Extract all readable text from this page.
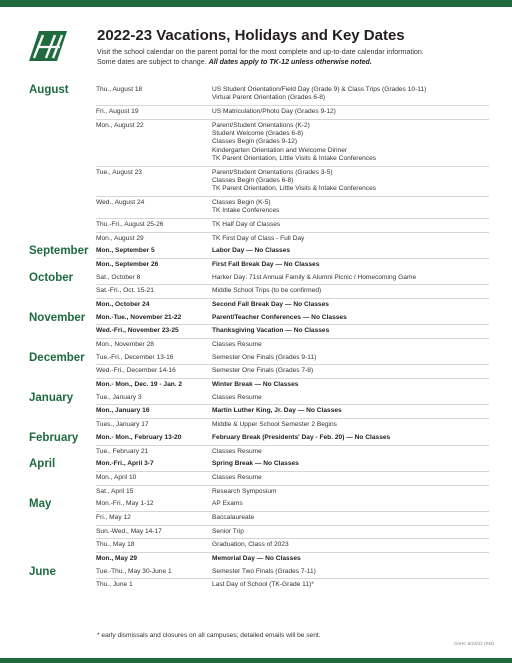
2022-23 Vacations, Holidays and Key Dates
Visit the school calendar on the parent portal for the most complete and up-to-date calendar information.
Some dates are subject to change. All dates apply to TK-12 unless otherwise noted.
August	Thu., August 18	US Student Orientation/Field Day (Grade 9) & Class Trips (Grades 10-11)
Virtual Parent Orientation (Grades 6-8)
Fri., August 19	US Matriculation/Photo Day (Grades 9-12)
Mon., August 22	Parent/Student Orientations (K-2)
Student Welcome (Grades 6-8)
Classes Begin (Grades 9-12)
Kindergarten Orientation and Welcome Dinner
TK Parent Orientation, Little Visits & Intake Conferences
Tue., August 23	Parent/Student Orientations (Grades 3-5)
Classes Begin (Grades 6-8)
TK Parent Orientation, Little Visits & Intake Conferences
Wed., August 24	Classes Begin (K-5)
TK Intake Conferences
Thu.-Fri., August 25-26	TK Half Day of Classes
Mon., August 29	TK First Day of Class - Full Day
September	Mon., September 5	Labor Day — No Classes
Mon., September 26	First Fall Break Day — No Classes
October	Sat., October 8	Harker Day: 71st Annual Family & Alumni Picnic / Homecoming Game
Sat.-Fri., Oct. 15-21	Middle School Trips (to be confirmed)
Mon., October 24	Second Fall Break Day — No Classes
November	Mon.-Tue., November 21-22	Parent/Teacher Conferences — No Classes
Wed.-Fri., November 23-25	Thanksgiving Vacation — No Classes
Mon., November 28	Classes Resume
December	Tue.-Fri., December 13-16	Semester One Finals (Grades 9-11)
Wed.-Fri., December 14-16	Semester One Finals (Grades 7-8)
Mon.- Mon., Dec. 19 - Jan. 2	Winter Break — No Classes
January	Tue., January 3	Classes Resume
Mon., January 16	Martin Luther King, Jr. Day — No Classes
Tues., January 17	Middle & Upper School Semester 2 Begins
February	Mon.- Mon., February 13-20	February Break (Presidents' Day - Feb. 20) — No Classes
Tue., February 21	Classes Resume
April	Mon.-Fri., April 3-7	Spring Break — No Classes
Mon., April 10	Classes Resume
Sat., April 15	Research Symposium
May	Mon.-Fri., May 1-12	AP Exams
Fri., May 12	Baccalaureate
Sun.-Wed., May 14-17	Senior Trip
Thu., May 18	Graduation, Class of 2023
Mon., May 29	Memorial Day — No Classes
June	Tue.-Thu., May 30-June 1	Semester Two Finals (Grades 7-11)
Thu., June 1	Last Day of School (TK-Grade 11)*
* early dismissals and closures on all campuses; detailed emails will be sent.
OoHC 8/23/22 (RM)
